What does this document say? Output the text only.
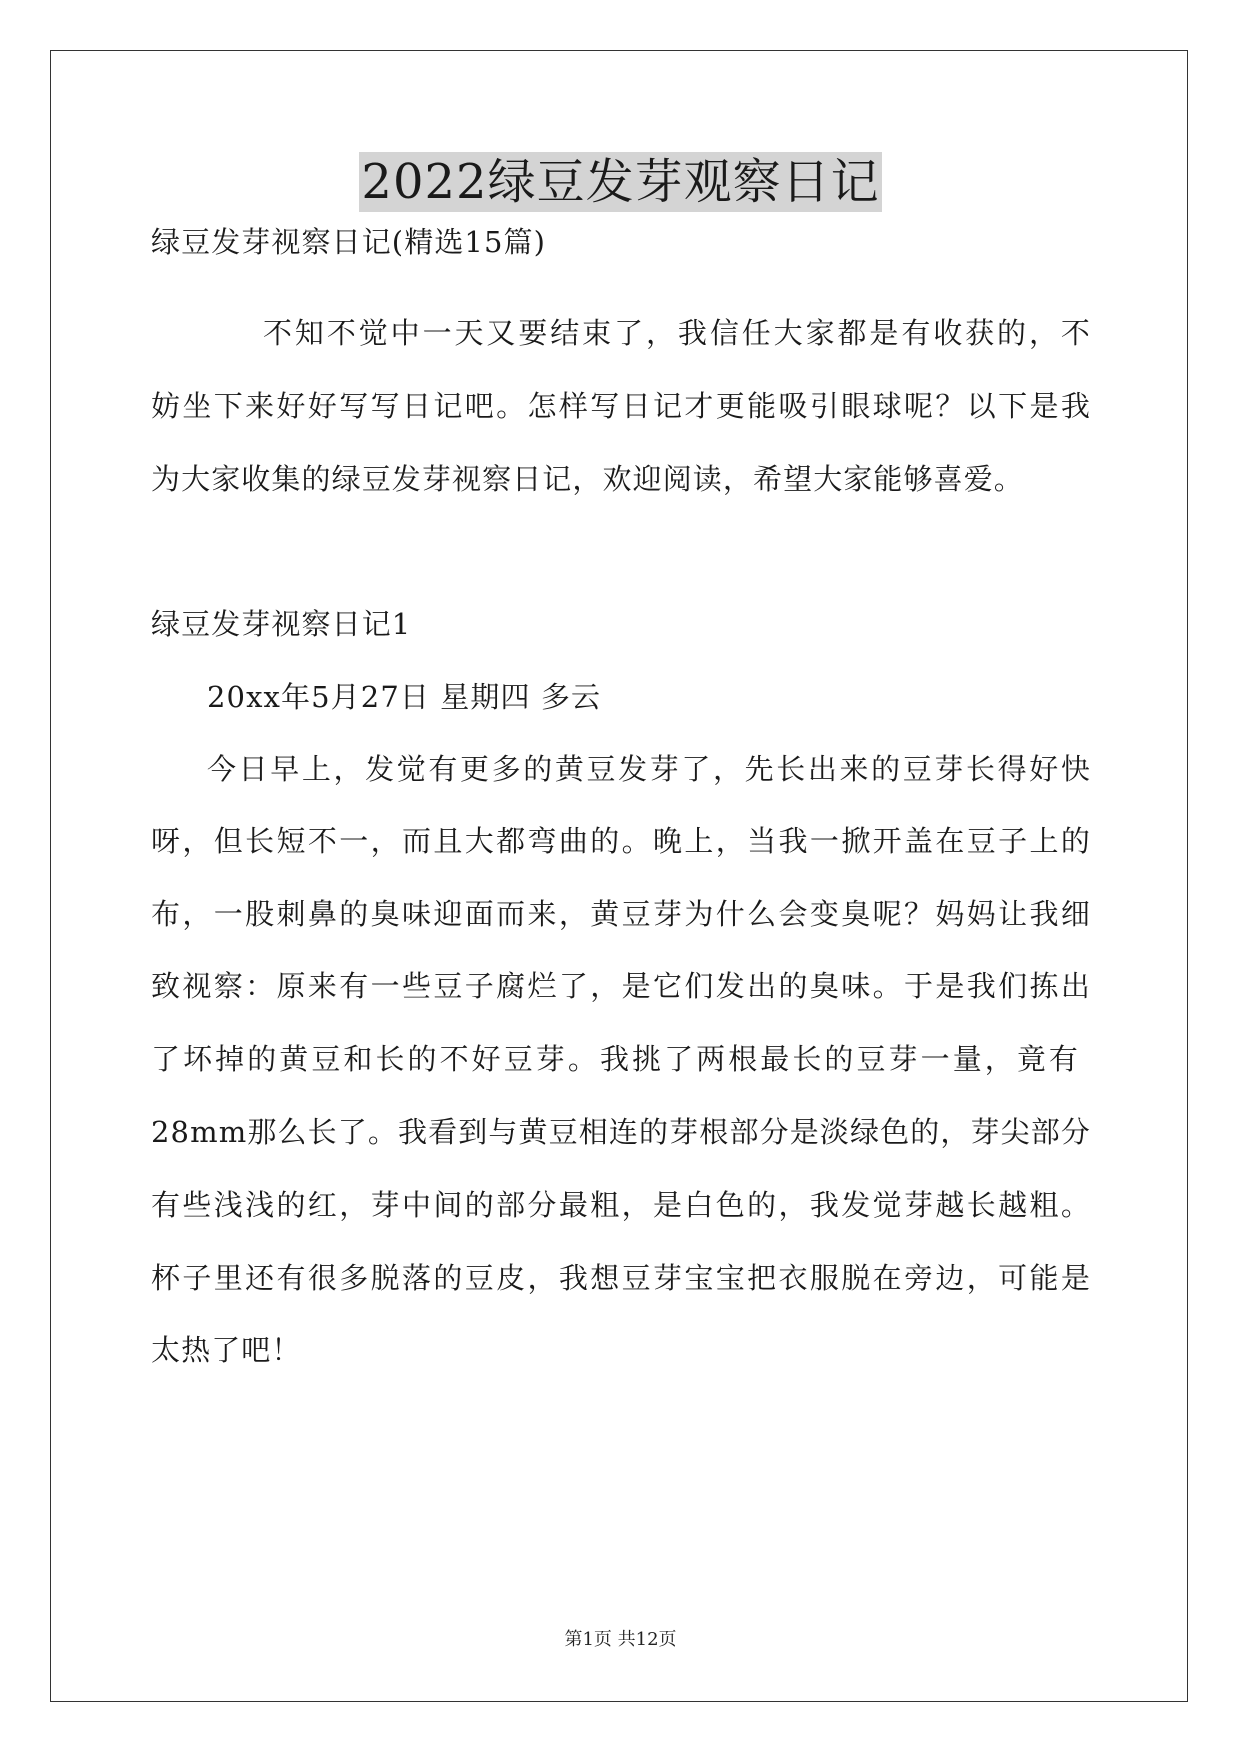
2022绿豆发芽观察日记
绿豆发芽视察日记(精选15篇)
不知不觉中一天又要结束了，我信任大家都是有收获的，不
妨坐下来好好写写日记吧。怎样写日记才更能吸引眼球呢？以下是我
为大家收集的绿豆发芽视察日记，欢迎阅读，希望大家能够喜爱。
绿豆发芽视察日记1
20xx年5月27日 星期四 多云
今日早上，发觉有更多的黄豆发芽了，先长出来的豆芽长得好快
呀，但长短不一，而且大都弯曲的。晚上，当我一掀开盖在豆子上的
布，一股刺鼻的臭味迎面而来，黄豆芽为什么会变臭呢？妈妈让我细
致视察：原来有一些豆子腐烂了，是它们发出的臭味。于是我们拣出
了坏掉的黄豆和长的不好豆芽。我挑了两根最长的豆芽一量，竟有
28mm那么长了。我看到与黄豆相连的芽根部分是淡绿色的，芽尖部分
有些浅浅的红，芽中间的部分最粗，是白色的，我发觉芽越长越粗。
杯子里还有很多脱落的豆皮，我想豆芽宝宝把衣服脱在旁边，可能是
太热了吧！
第1页 共12页
